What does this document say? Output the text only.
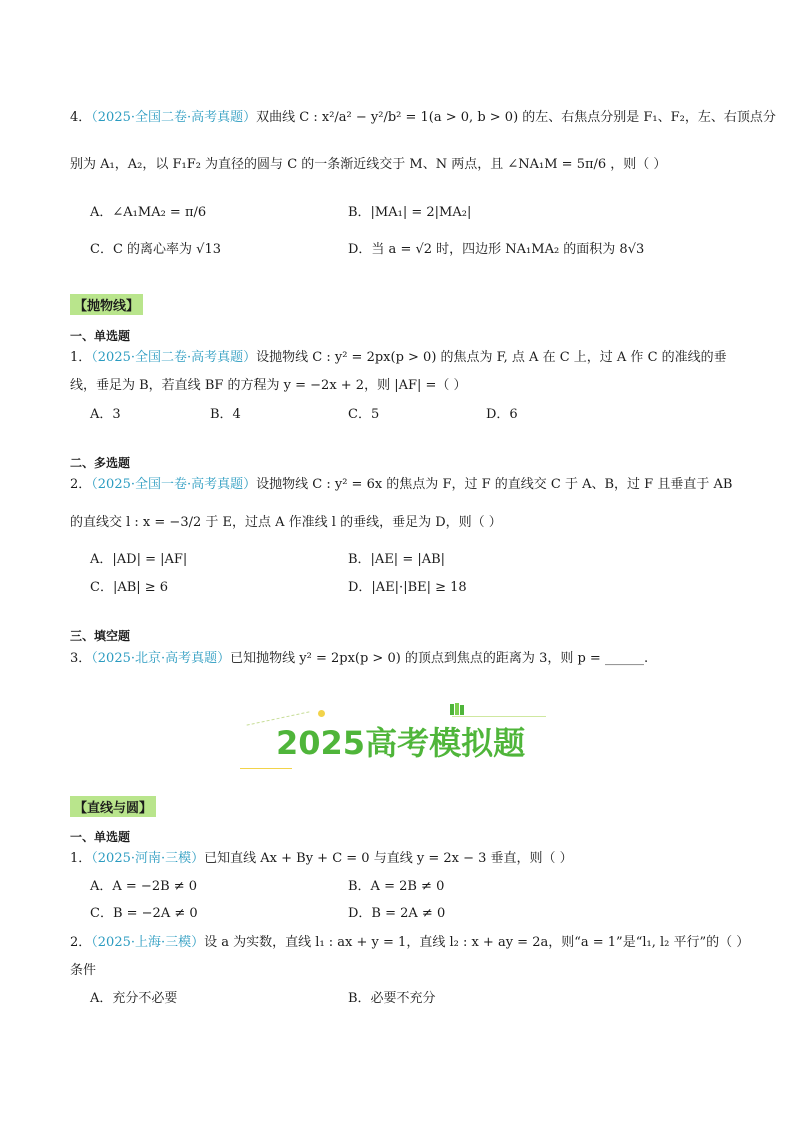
4．（2025·全国二卷·高考真题）双曲线 C : x²/a² − y²/b² = 1(a > 0, b > 0) 的左、右焦点分别是 F₁、F₂，左、右顶点分
别为 A₁，A₂，以 F₁F₂ 为直径的圆与 C 的一条渐近线交于 M、N 两点，且 ∠NA₁M = 5π/6 ，则（ ）
A．∠A₁MA₂ = π/6	B．|MA₁| = 2|MA₂|
C．C 的离心率为 √13	D．当 a = √2 时，四边形 NA₁MA₂ 的面积为 8√3
【抛物线】
一、单选题
1．（2025·全国二卷·高考真题）设抛物线 C : y² = 2px(p > 0) 的焦点为 F, 点 A 在 C 上，过 A 作 C 的准线的垂
线，垂足为 B，若直线 BF 的方程为 y = −2x + 2，则 |AF| =（ ）
A．3	B．4	C．5	D．6
二、多选题
2．（2025·全国一卷·高考真题）设抛物线 C : y² = 6x 的焦点为 F，过 F 的直线交 C 于 A、B，过 F 且垂直于 AB
的直线交 l : x = −3/2 于 E，过点 A 作准线 l 的垂线，垂足为 D，则（ ）
A．|AD| = |AF|	B．|AE| = |AB|
C．|AB| ≥ 6	D．|AE|·|BE| ≥ 18
三、填空题
3．（2025·北京·高考真题）已知抛物线 y² = 2px(p > 0) 的顶点到焦点的距离为 3，则 p = ______.
2025高考模拟题
【直线与圆】
一、单选题
1．（2025·河南·三模）已知直线 Ax + By + C = 0 与直线 y = 2x − 3 垂直，则（ ）
A．A = −2B ≠ 0	B．A = 2B ≠ 0
C．B = −2A ≠ 0	D．B = 2A ≠ 0
2．（2025·上海·三模）设 a 为实数，直线 l₁ : ax + y = 1，直线 l₂ : x + ay = 2a，则“a = 1”是“l₁, l₂ 平行”的（ ）
条件
A．充分不必要	B．必要不充分
